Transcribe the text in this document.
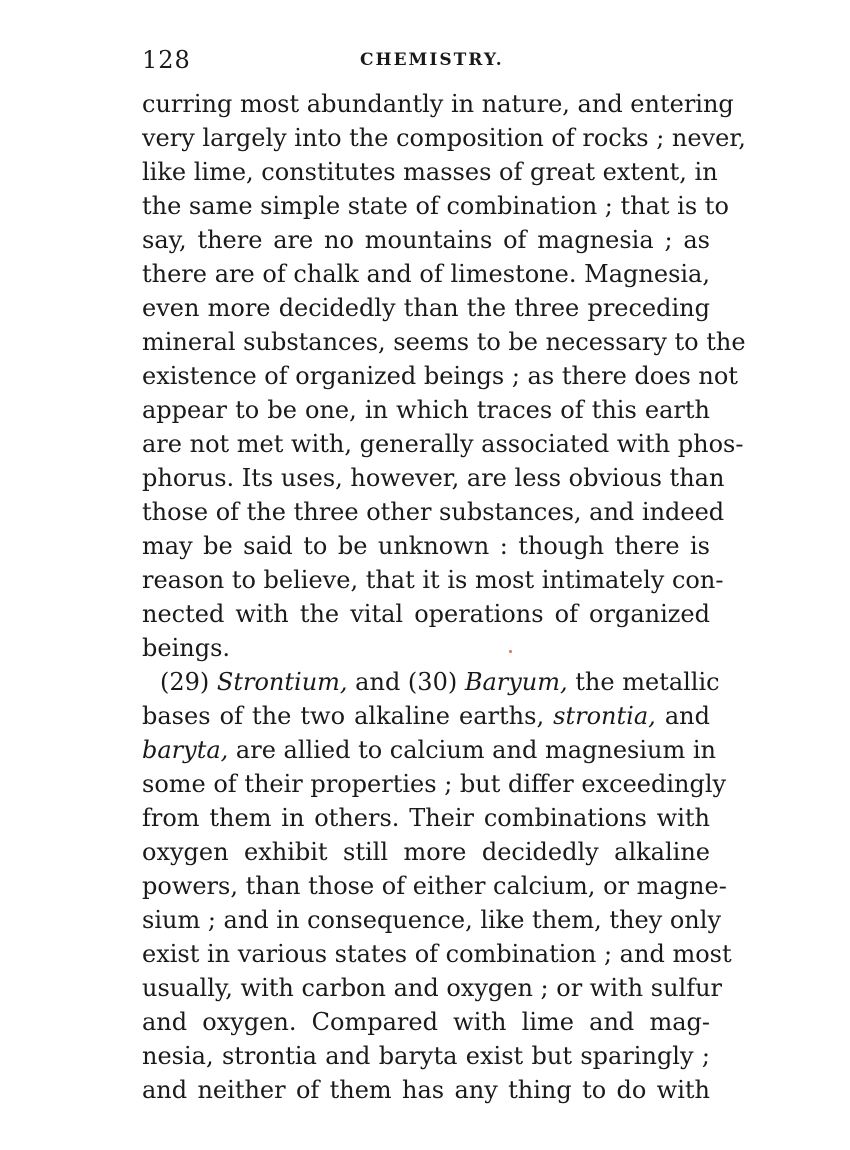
128	CHEMISTRY.
curring most abundantly in nature, and entering
very largely into the composition of rocks ; never,
like lime, constitutes masses of great extent, in
the same simple state of combination ; that is to
say, there are no mountains of magnesia ; as
there are of chalk and of limestone. Magnesia,
even more decidedly than the three preceding
mineral substances, seems to be necessary to the
existence of organized beings ; as there does not
appear to be one, in which traces of this earth
are not met with, generally associated with phos-
phorus. Its uses, however, are less obvious than
those of the three other substances, and indeed
may be said to be unknown : though there is
reason to believe, that it is most intimately con-
nected with the vital operations of organized
beings.
(29) Strontium, and (30) Baryum, the metallic
bases of the two alkaline earths, strontia, and
baryta, are allied to calcium and magnesium in
some of their properties ; but differ exceedingly
from them in others. Their combinations with
oxygen exhibit still more decidedly alkaline
powers, than those of either calcium, or magne-
sium ; and in consequence, like them, they only
exist in various states of combination ; and most
usually, with carbon and oxygen ; or with sulfur
and oxygen. Compared with lime and mag-
nesia, strontia and baryta exist but sparingly ;
and neither of them has any thing to do with
